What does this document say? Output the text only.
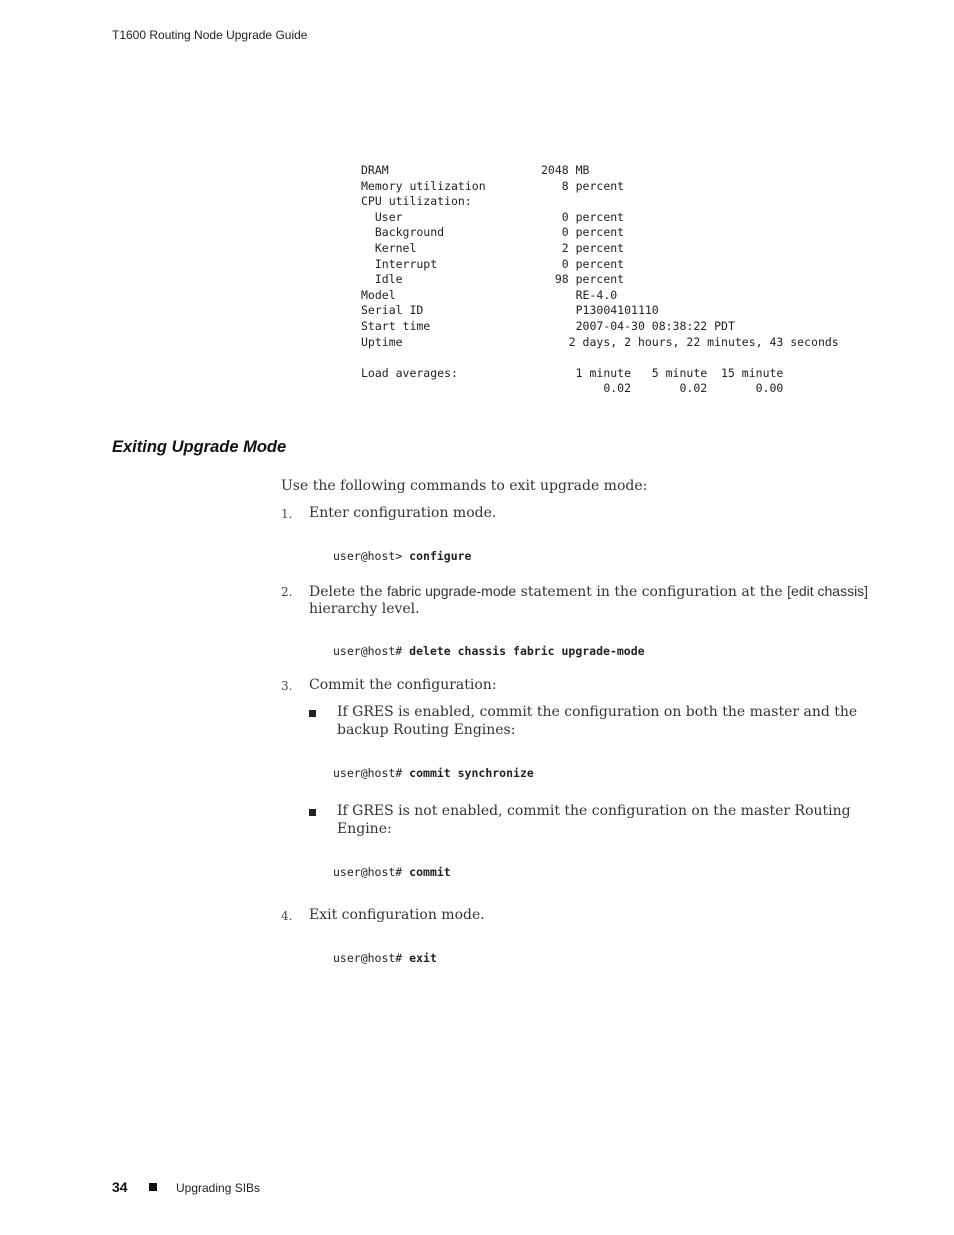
T1600 Routing Node Upgrade Guide
DRAM                      2048 MB
Memory utilization           8 percent
CPU utilization:
User                       0 percent
Background                 0 percent
Kernel                     2 percent
Interrupt                  0 percent
Idle                      98 percent
Model                          RE-4.0
Serial ID                      P13004101110
Start time                     2007-04-30 08:38:22 PDT
Uptime                        2 days, 2 hours, 22 minutes, 43 seconds

Load averages:                 1 minute   5 minute  15 minute
0.02       0.02       0.00

Exiting Upgrade Mode
Use the following commands to exit upgrade mode:
1. Enter configuration mode.
user@host> configure
2. Delete the fabric upgrade-mode statement in the configuration at the [edit chassis]
hierarchy level.
user@host# delete chassis fabric upgrade-mode
3. Commit the configuration:
If GRES is enabled, commit the configuration on both the master and the
backup Routing Engines:
user@host# commit synchronize
If GRES is not enabled, commit the configuration on the master Routing
Engine:
user@host# commit
4. Exit configuration mode.
user@host# exit
34	Upgrading SIBs
